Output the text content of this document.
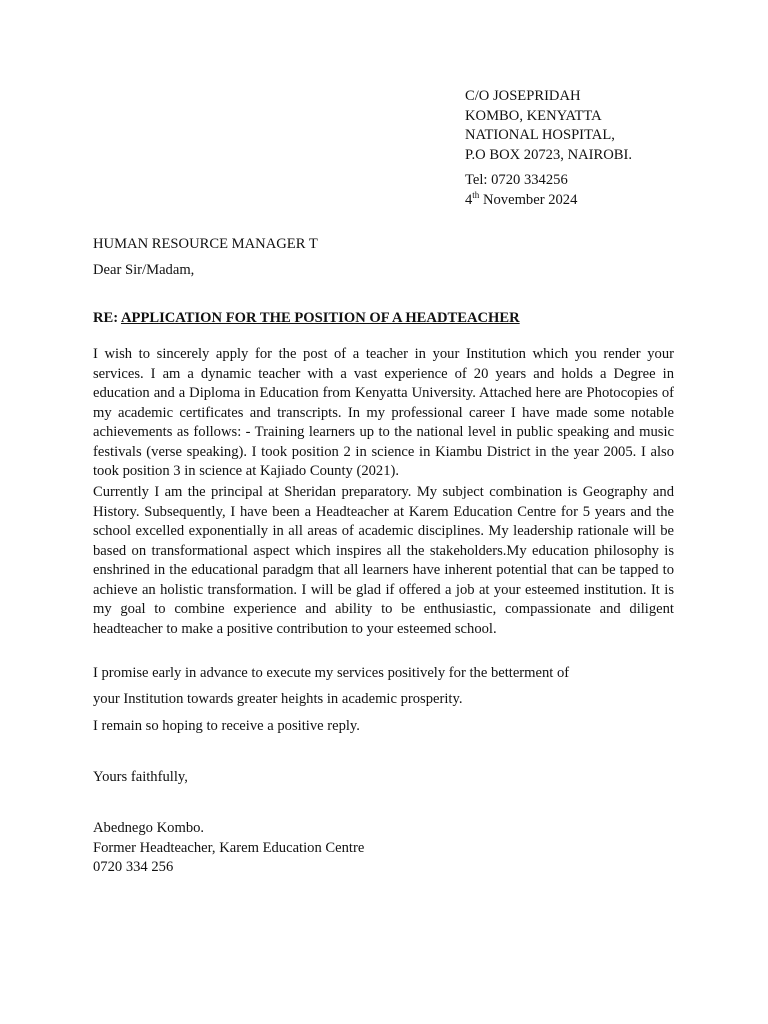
C/O JOSEPRIDAH
KOMBO, KENYATTA
NATIONAL HOSPITAL,
P.O BOX 20723, NAIROBI.
Tel: 0720 334256
4th November 2024
HUMAN RESOURCE MANAGER T
Dear Sir/Madam,
RE: APPLICATION FOR THE POSITION OF A HEADTEACHER

I wish to sincerely apply for the post of a teacher in your Institution which you render your services. I am a dynamic teacher with a vast experience of 20 years and holds a Degree in education and a Diploma in Education from Kenyatta University. Attached here are Photocopies of my academic certificates and transcripts. In my professional career I have made some notable achievements as follows: - Training learners up to the national level in public speaking and music festivals (verse speaking). I took position 2 in science in Kiambu District in the year 2005. I also took position 3 in science at Kajiado County (2021).

Currently I am the principal at Sheridan preparatory. My subject combination is Geography and History. Subsequently, I have been a Headteacher at Karem Education Centre for 5 years and the school excelled exponentially in all areas of academic disciplines. My leadership rationale will be based on transformational aspect which inspires all the stakeholders.My education philosophy is enshrined in the educational paradgm that all learners have inherent potential that can be tapped to achieve an holistic transformation. I will be glad if offered a job at your esteemed institution. It is my goal to combine experience and ability to be enthusiastic, compassionate and diligent headteacher to make a positive contribution to your esteemed school.

I promise early in advance to execute my services positively for the betterment of

your Institution towards greater heights in academic prosperity.

I remain so hoping to receive a positive reply.

Yours faithfully,
Abednego Kombo.
Former Headteacher, Karem Education Centre
0720 334 256
